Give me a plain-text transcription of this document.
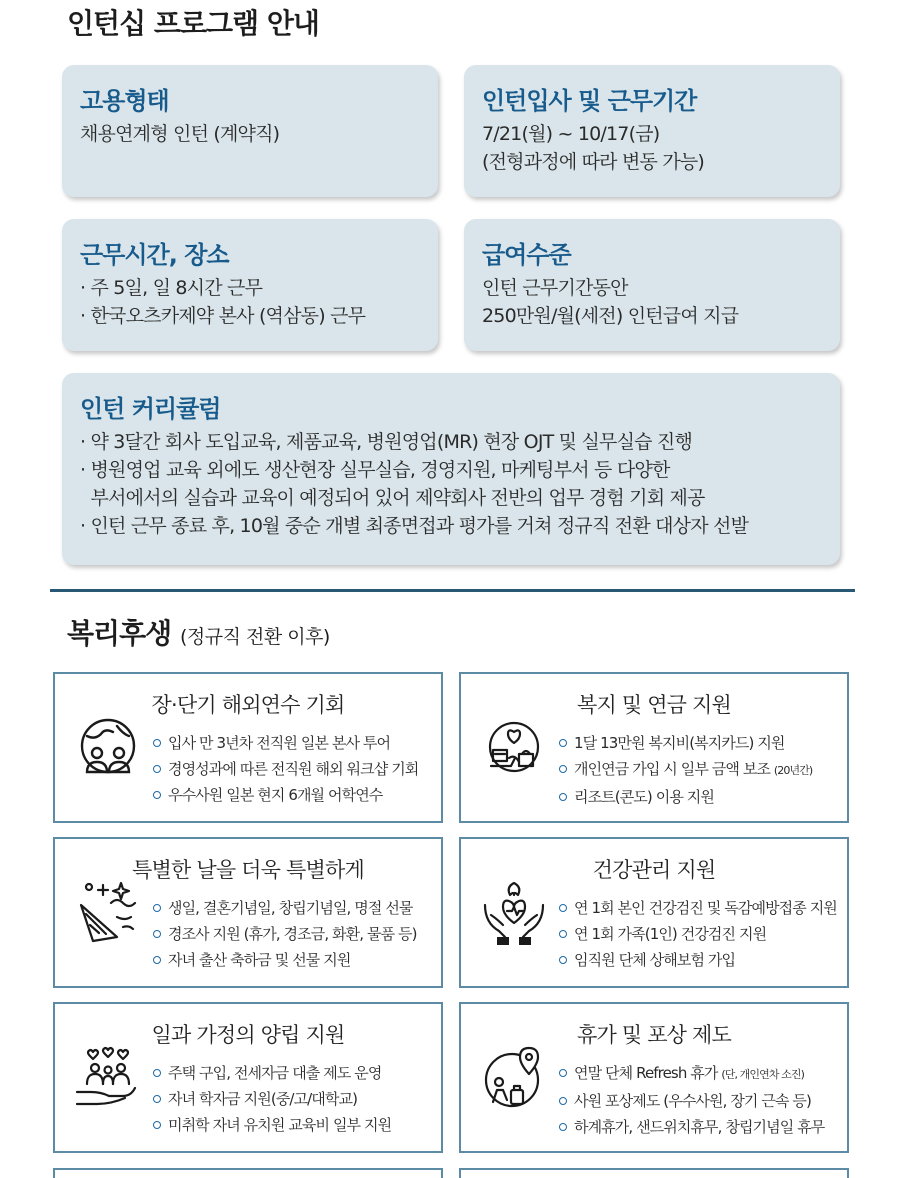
인턴십 프로그램 안내
고용형태
채용연계형 인턴 (계약직)
인턴입사 및 근무기간
7/21(월) ~ 10/17(금)
(전형과정에 따라 변동 가능)
근무시간, 장소
· 주 5일, 일 8시간 근무
· 한국오츠카제약 본사 (역삼동) 근무
급여수준
인턴 근무기간동안
250만원/월(세전) 인턴급여 지급
인턴 커리큘럼
· 약 3달간 회사 도입교육, 제품교육, 병원영업(MR) 현장 OJT 및 실무실습 진행
· 병원영업 교육 외에도 생산현장 실무실습, 경영지원, 마케팅부서 등 다양한
부서에서의 실습과 교육이 예정되어 있어 제약회사 전반의 업무 경험 기회 제공
· 인턴 근무 종료 후, 10월 중순 개별 최종면접과 평가를 거쳐 정규직 전환 대상자 선발
복리후생 (정규직 전환 이후)
장·단기 해외연수 기회
입사 만 3년차 전직원 일본 본사 투어
경영성과에 따른 전직원 해외 워크샵 기회
우수사원 일본 현지 6개월 어학연수
복지 및 연금 지원
1달 13만원 복지비(복지카드) 지원
개인연금 가입 시 일부 금액 보조 (20년간)
리조트(콘도) 이용 지원
특별한 날을 더욱 특별하게
생일, 결혼기념일, 창립기념일, 명절 선물
경조사 지원 (휴가, 경조금, 화환, 물품 등)
자녀 출산 축하금 및 선물 지원
건강관리 지원
연 1회 본인 건강검진 및 독감예방접종 지원
연 1회 가족(1인) 건강검진 지원
임직원 단체 상해보험 가입
일과 가정의 양립 지원
주택 구입, 전세자금 대출 제도 운영
자녀 학자금 지원(중/고/대학교)
미취학 자녀 유치원 교육비 일부 지원
휴가 및 포상 제도
연말 단체 Refresh 휴가 (단, 개인연차 소진)
사원 포상제도 (우수사원, 장기 근속 등)
하계휴가, 샌드위치휴무, 창립기념일 휴무
